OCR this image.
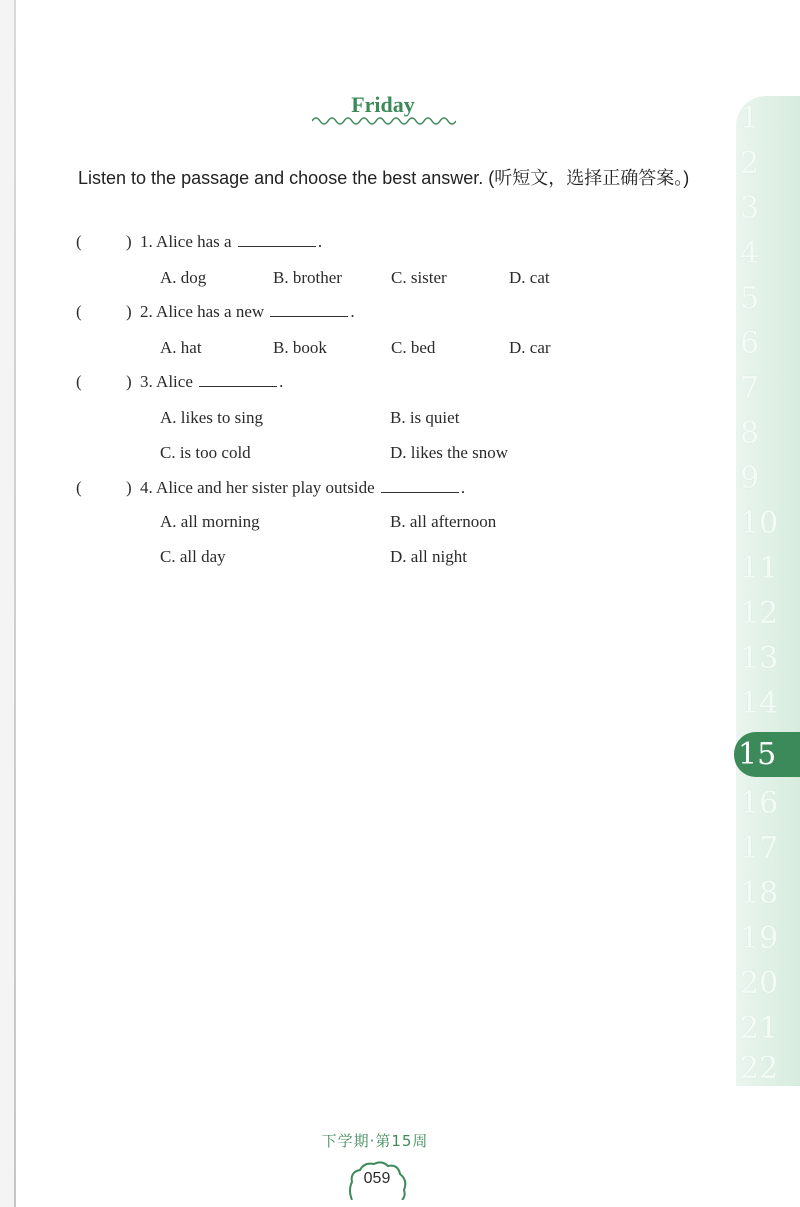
Friday
Listen to the passage and choose the best answer. (听短文，选择正确答案。)
(	) 1. Alice has a	.
A. dog	B. brother	C. sister	D. cat
(	) 2. Alice has a new	.
A. hat	B. book	C. bed	D. car
(	) 3. Alice	.
A. likes to sing	B. is quiet
C. is too cold	D. likes the snow
(	) 4. Alice and her sister play outside	.
A. all morning	B. all afternoon
C. all day	D. all night
1
2
3
4
5
6
7
8
9
10
11
12
13
14
15
16
17
18
19
20
21
22
下学期·第15周
059
